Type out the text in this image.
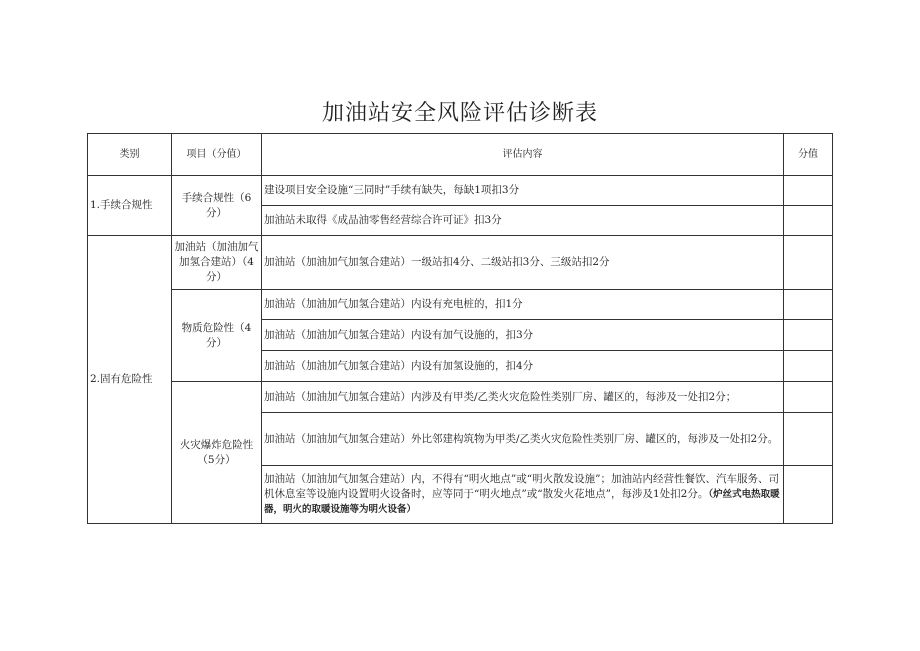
加油站安全风险评估诊断表
类别	项目（分值）	评估内容	分值
1.手续合规性	手续合规性（6分）	建设项目安全设施“三同时”手续有缺失，每缺1项扣3分	
		加油站未取得《成品油零售经营综合许可证》扣3分	
2.固有危险性	加油站（加油加气加氢合建站）（4分）	加油站（加油加气加氢合建站）一级站扣4分、二级站扣3分、三级站扣2分	
	物质危险性（4分）	加油站（加油加气加氢合建站）内设有充电桩的，扣1分	
		加油站（加油加气加氢合建站）内设有加气设施的，扣3分	
		加油站（加油加气加氢合建站）内设有加氢设施的，扣4分	
	火灾爆炸危险性（5分）	加油站（加油加气加氢合建站）内涉及有甲类/乙类火灾危险性类别厂房、罐区的，每涉及一处扣2分；	
		加油站（加油加气加氢合建站）外比邻建构筑物为甲类/乙类火灾危险性类别厂房、罐区的，每涉及一处扣2分。	
		加油站（加油加气加氢合建站）内，不得有“明火地点”或“明火散发设施”；加油站内经营性餐饮、汽车服务、司机休息室等设施内设置明火设备时，应等同于“明火地点”或“散发火花地点”，每涉及1处扣2分。（炉丝式电热取暖器，明火的取暖设施等为明火设备）	
